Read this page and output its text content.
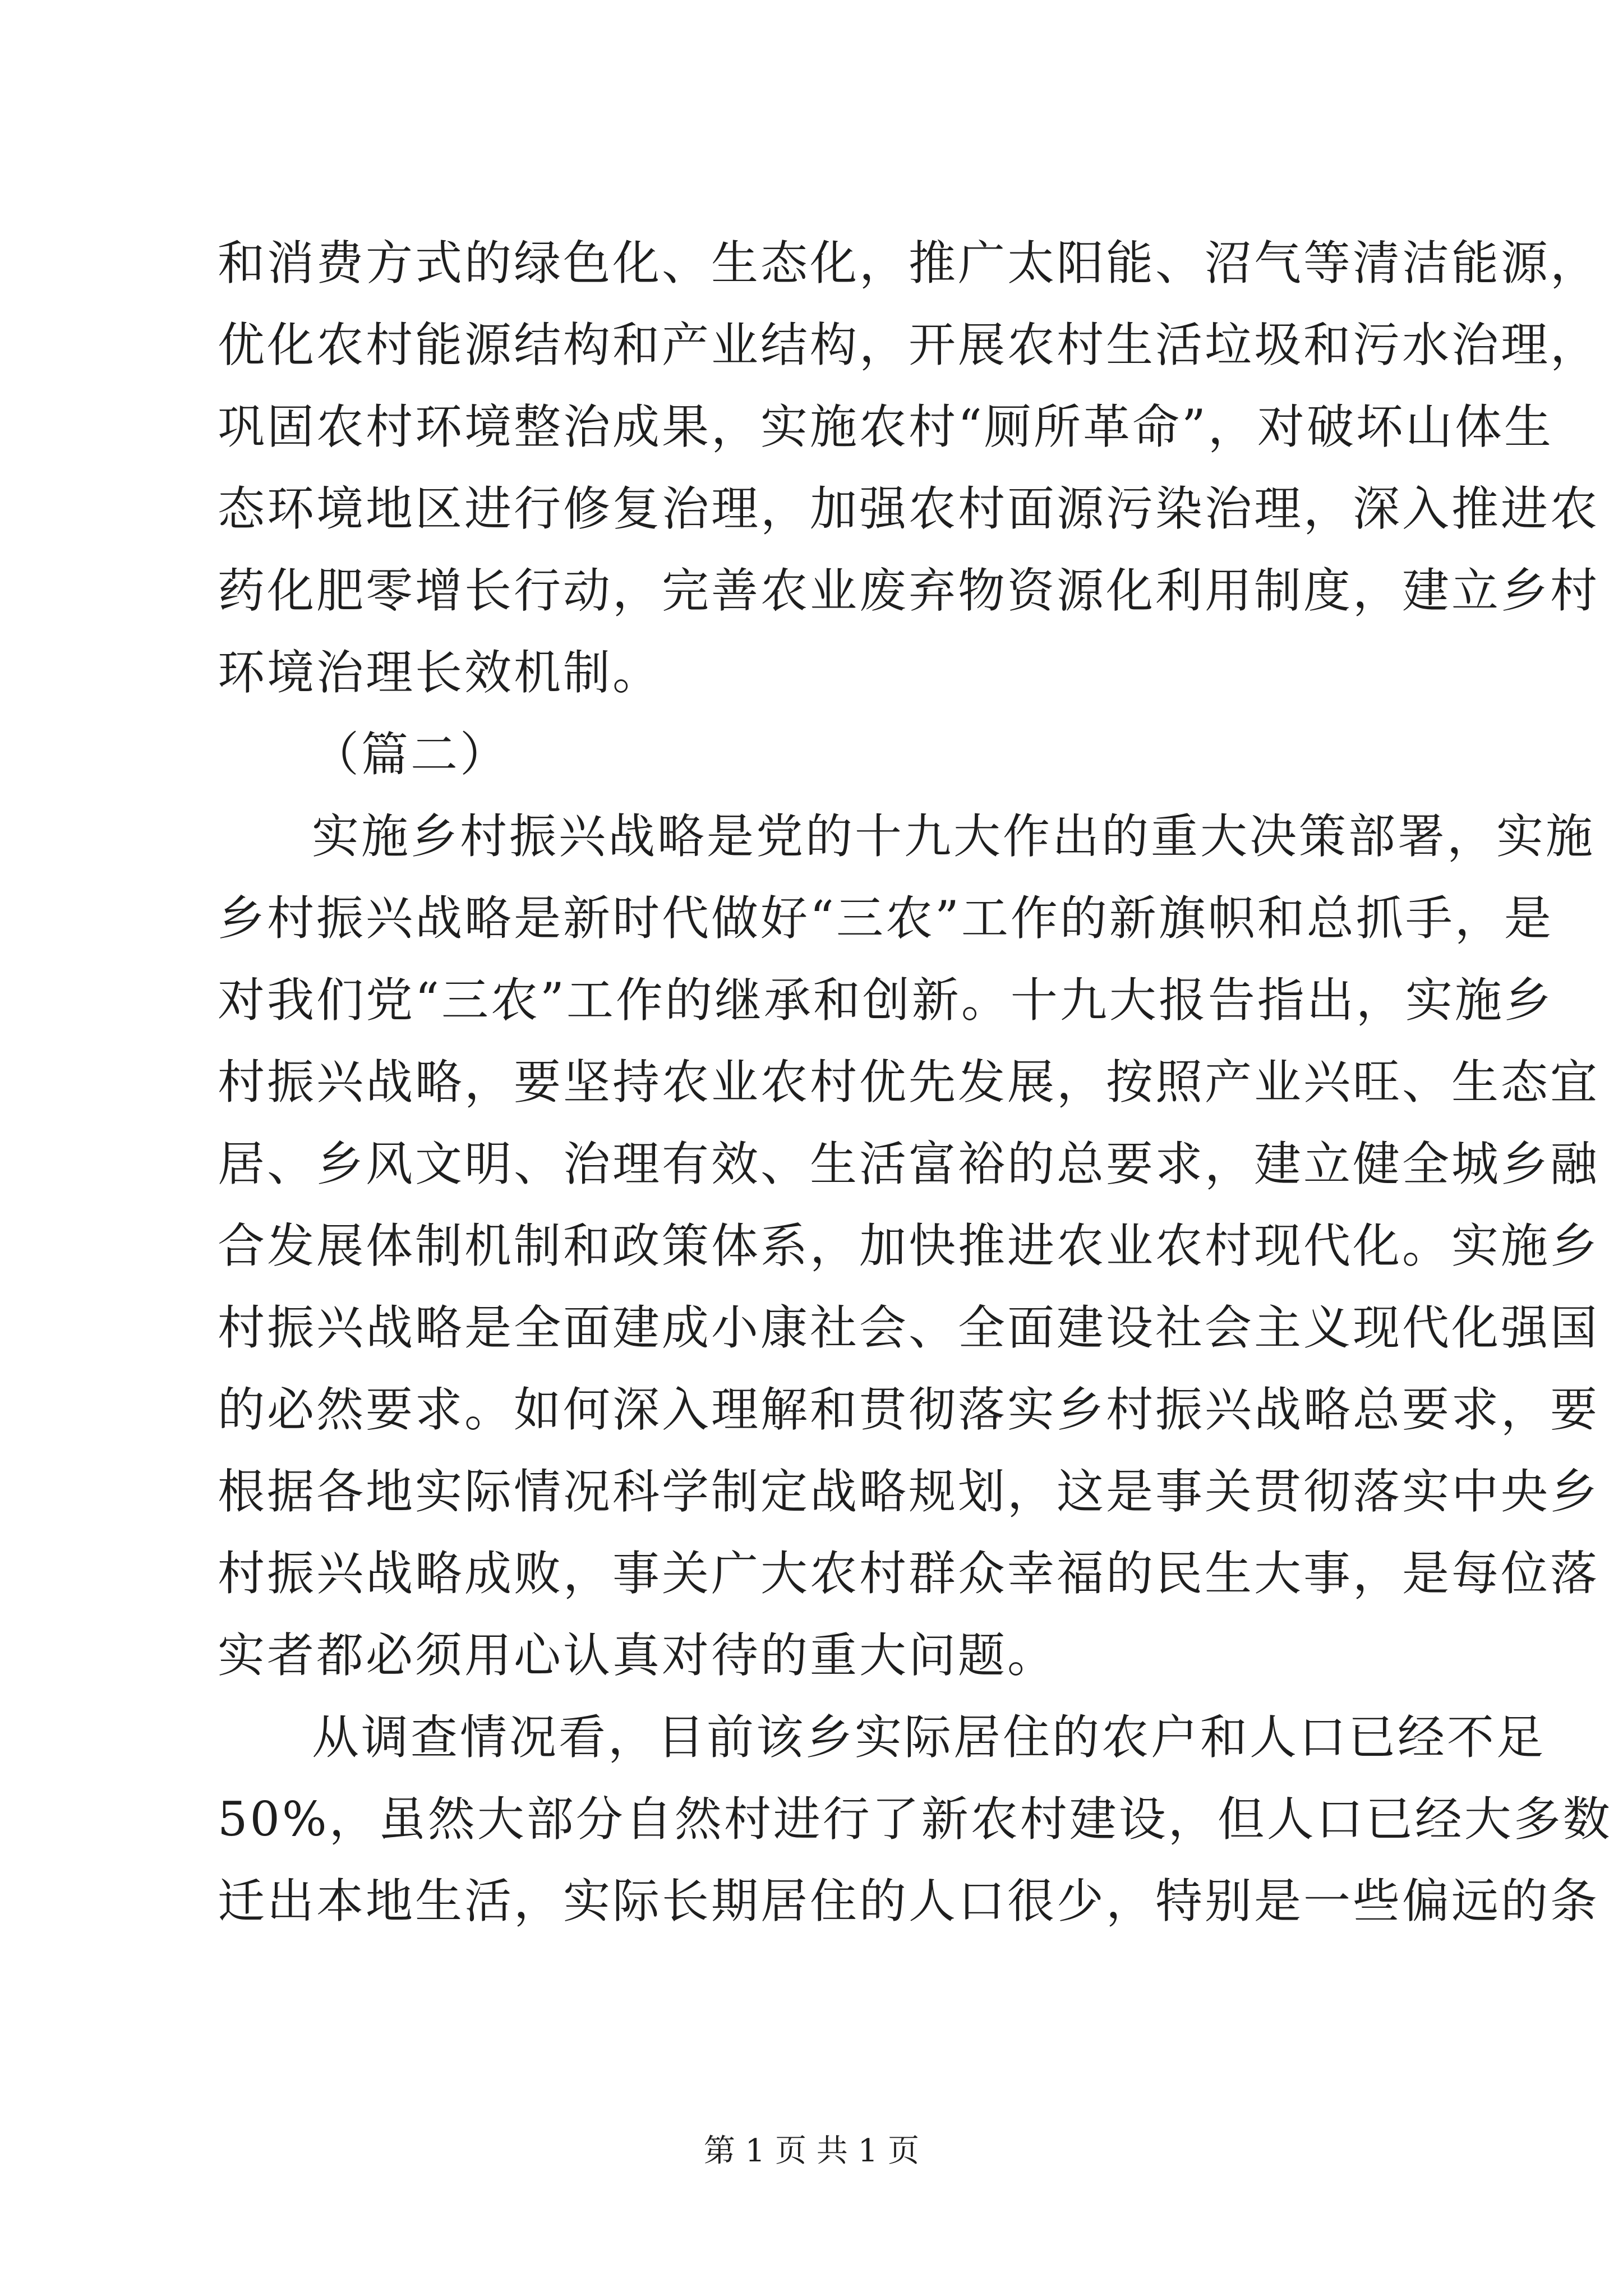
和消费方式的绿色化、生态化，推广太阳能、沼气等清洁能源，
优化农村能源结构和产业结构，开展农村生活垃圾和污水治理，
巩固农村环境整治成果，实施农村“厕所革命”，对破坏山体生
态环境地区进行修复治理，加强农村面源污染治理，深入推进农
药化肥零增长行动，完善农业废弃物资源化利用制度，建立乡村
环境治理长效机制。
（篇二）
实施乡村振兴战略是党的十九大作出的重大决策部署，实施
乡村振兴战略是新时代做好“三农”工作的新旗帜和总抓手，是
对我们党“三农”工作的继承和创新。十九大报告指出，实施乡
村振兴战略，要坚持农业农村优先发展，按照产业兴旺、生态宜
居、乡风文明、治理有效、生活富裕的总要求，建立健全城乡融
合发展体制机制和政策体系，加快推进农业农村现代化。实施乡
村振兴战略是全面建成小康社会、全面建设社会主义现代化强国
的必然要求。如何深入理解和贯彻落实乡村振兴战略总要求，要
根据各地实际情况科学制定战略规划，这是事关贯彻落实中央乡
村振兴战略成败，事关广大农村群众幸福的民生大事，是每位落
实者都必须用心认真对待的重大问题。
从调查情况看，目前该乡实际居住的农户和人口已经不足
50%，虽然大部分自然村进行了新农村建设，但人口已经大多数
迁出本地生活，实际长期居住的人口很少，特别是一些偏远的条
第 1 页 共 1 页
